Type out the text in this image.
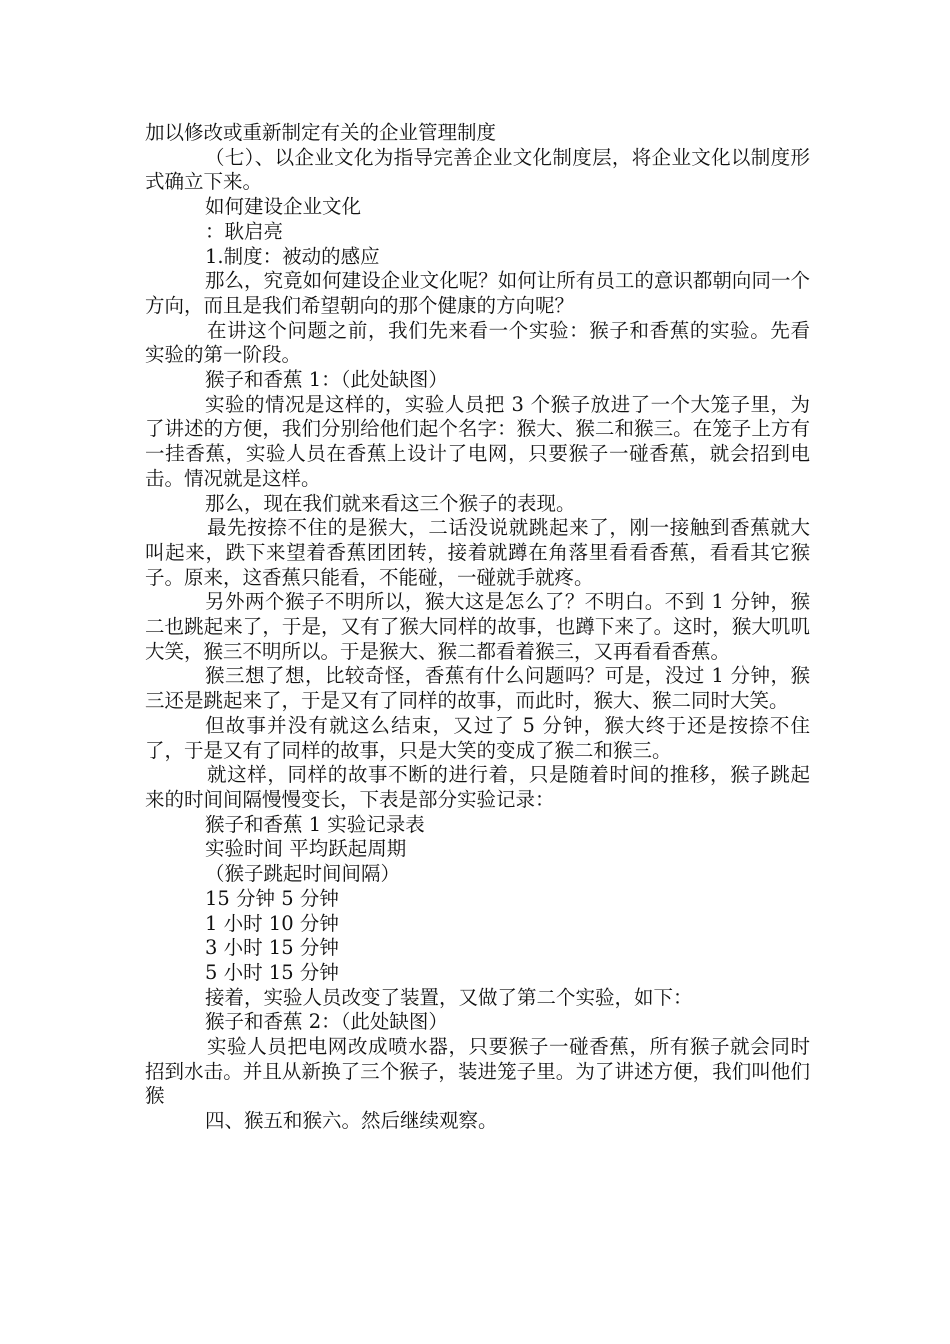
加以修改或重新制定有关的企业管理制度

（七）、以企业文化为指导完善企业文化制度层，将企业文化以制度形式确立下来。

如何建设企业文化

：耿启亮

1.制度：被动的感应

那么，究竟如何建设企业文化呢？如何让所有员工的意识都朝向同一个方向，而且是我们希望朝向的那个健康的方向呢？

在讲这个问题之前，我们先来看一个实验：猴子和香蕉的实验。先看实验的第一阶段。

猴子和香蕉 1：（此处缺图）

实验的情况是这样的，实验人员把 3 个猴子放进了一个大笼子里，为了讲述的方便，我们分别给他们起个名字：猴大、猴二和猴三。在笼子上方有一挂香蕉，实验人员在香蕉上设计了电网，只要猴子一碰香蕉，就会招到电击。情况就是这样。

那么，现在我们就来看这三个猴子的表现。

最先按捺不住的是猴大，二话没说就跳起来了，刚一接触到香蕉就大叫起来，跌下来望着香蕉团团转，接着就蹲在角落里看看香蕉，看看其它猴子。原来，这香蕉只能看，不能碰，一碰就手就疼。

另外两个猴子不明所以，猴大这是怎么了？不明白。不到 1 分钟，猴二也跳起来了，于是，又有了猴大同样的故事，也蹲下来了。这时，猴大叽叽大笑，猴三不明所以。于是猴大、猴二都看着猴三，又再看看香蕉。

猴三想了想，比较奇怪，香蕉有什么问题吗？可是，没过 1 分钟，猴三还是跳起来了，于是又有了同样的故事，而此时，猴大、猴二同时大笑。

但故事并没有就这么结束，又过了 5 分钟，猴大终于还是按捺不住了，于是又有了同样的故事，只是大笑的变成了猴二和猴三。

就这样，同样的故事不断的进行着，只是随着时间的推移，猴子跳起来的时间间隔慢慢变长，下表是部分实验记录：

猴子和香蕉 1 实验记录表

实验时间 平均跃起周期

（猴子跳起时间间隔）

15 分钟 5 分钟

1 小时 10 分钟

3 小时 15 分钟

5 小时 15 分钟

接着，实验人员改变了装置，又做了第二个实验，如下：

猴子和香蕉 2：（此处缺图）

实验人员把电网改成喷水器，只要猴子一碰香蕉，所有猴子就会同时招到水击。并且从新换了三个猴子，装进笼子里。为了讲述方便，我们叫他们猴

四、猴五和猴六。然后继续观察。
